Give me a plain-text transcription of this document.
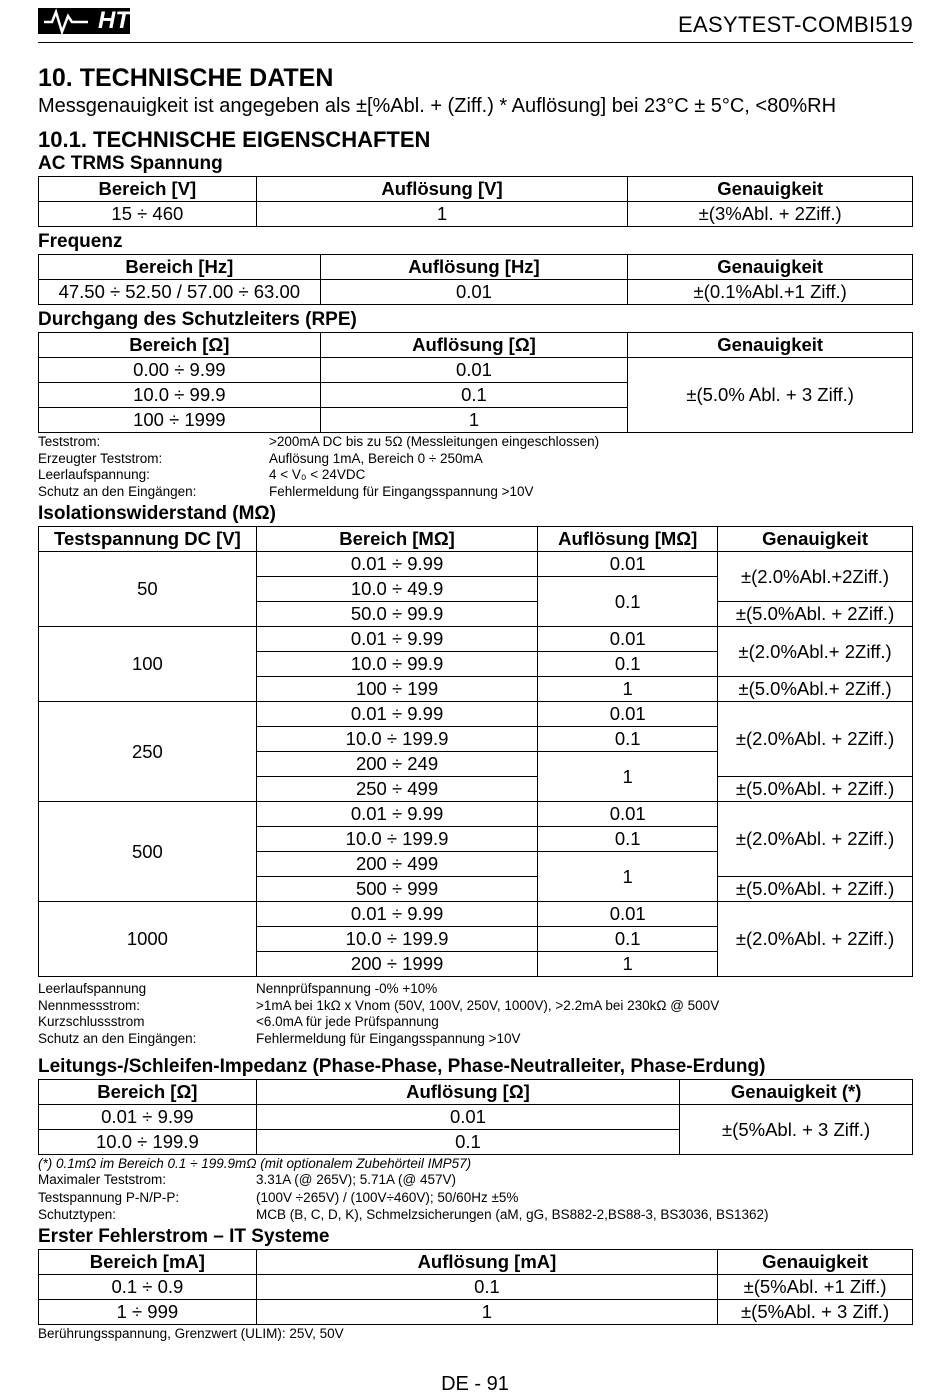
HT	EASYTEST-COMBI519
10. TECHNISCHE DATEN
Messgenauigkeit ist angegeben als ±[%Abl. + (Ziff.) * Auflösung] bei 23°C ± 5°C, <80%RH
10.1. TECHNISCHE EIGENSCHAFTEN
AC TRMS Spannung
Bereich [V]	Auflösung [V]	Genauigkeit
15 ÷ 460	1	±(3%Abl. + 2Ziff.)
Frequenz
Bereich [Hz]	Auflösung [Hz]	Genauigkeit
47.50 ÷ 52.50 / 57.00 ÷ 63.00	0.01	±(0.1%Abl.+1 Ziff.)
Durchgang des Schutzleiters (RPE)
Bereich [Ω]	Auflösung [Ω]	Genauigkeit
0.00 ÷ 9.99	0.01	±(5.0% Abl. + 3 Ziff.)
10.0 ÷ 99.9	0.1	
100 ÷ 1999	1	
Teststrom:	>200mA DC bis zu 5Ω (Messleitungen eingeschlossen)
Erzeugter Teststrom:	Auflösung 1mA, Bereich 0 ÷ 250mA
Leerlaufspannung:	4 < V₀ < 24VDC
Schutz an den Eingängen:	Fehlermeldung für Eingangsspannung >10V
Isolationswiderstand (MΩ)
Testspannung DC [V]	Bereich [MΩ]	Auflösung [MΩ]	Genauigkeit
50	0.01 ÷ 9.99	0.01	±(2.0%Abl.+2Ziff.)
	10.0 ÷ 49.9	0.1	
	50.0 ÷ 99.9		±(5.0%Abl. + 2Ziff.)
100	0.01 ÷ 9.99	0.01	±(2.0%Abl.+ 2Ziff.)
	10.0 ÷ 99.9	0.1	
	100 ÷ 199	1	±(5.0%Abl.+ 2Ziff.)
250	0.01 ÷ 9.99	0.01	±(2.0%Abl. + 2Ziff.)
	10.0 ÷ 199.9	0.1	
	200 ÷ 249	1	
	250 ÷ 499		±(5.0%Abl. + 2Ziff.)
500	0.01 ÷ 9.99	0.01	±(2.0%Abl. + 2Ziff.)
	10.0 ÷ 199.9	0.1	
	200 ÷ 499	1	
	500 ÷ 999		±(5.0%Abl. + 2Ziff.)
1000	0.01 ÷ 9.99	0.01	±(2.0%Abl. + 2Ziff.)
	10.0 ÷ 199.9	0.1	
	200 ÷ 1999	1	
Leerlaufspannung	Nennprüfspannung -0% +10%
Nennmessstrom:	>1mA bei 1kΩ x Vnom (50V, 100V, 250V, 1000V), >2.2mA bei 230kΩ @ 500V
Kurzschlussstrom	<6.0mA für jede Prüfspannung
Schutz an den Eingängen:	Fehlermeldung für Eingangsspannung >10V
Leitungs-/Schleifen-Impedanz (Phase-Phase, Phase-Neutralleiter, Phase-Erdung)
Bereich [Ω]	Auflösung [Ω]	Genauigkeit (*)
0.01 ÷ 9.99	0.01	±(5%Abl. + 3 Ziff.)
10.0 ÷ 199.9	0.1	
(*) 0.1mΩ im Bereich 0.1 ÷ 199.9mΩ (mit optionalem Zubehörteil IMP57)
Maximaler Teststrom:	3.31A (@ 265V); 5.71A (@ 457V)
Testspannung P-N/P-P:	(100V ÷265V) / (100V÷460V); 50/60Hz ±5%
Schutztypen:	MCB (B, C, D, K), Schmelzsicherungen (aM, gG, BS882-2,BS88-3, BS3036, BS1362)
Erster Fehlerstrom – IT Systeme
Bereich [mA]	Auflösung [mA]	Genauigkeit
0.1 ÷ 0.9	0.1	±(5%Abl. +1 Ziff.)
1 ÷ 999	1	±(5%Abl. + 3 Ziff.)
Berührungsspannung, Grenzwert (ULIM): 25V, 50V
DE - 91
